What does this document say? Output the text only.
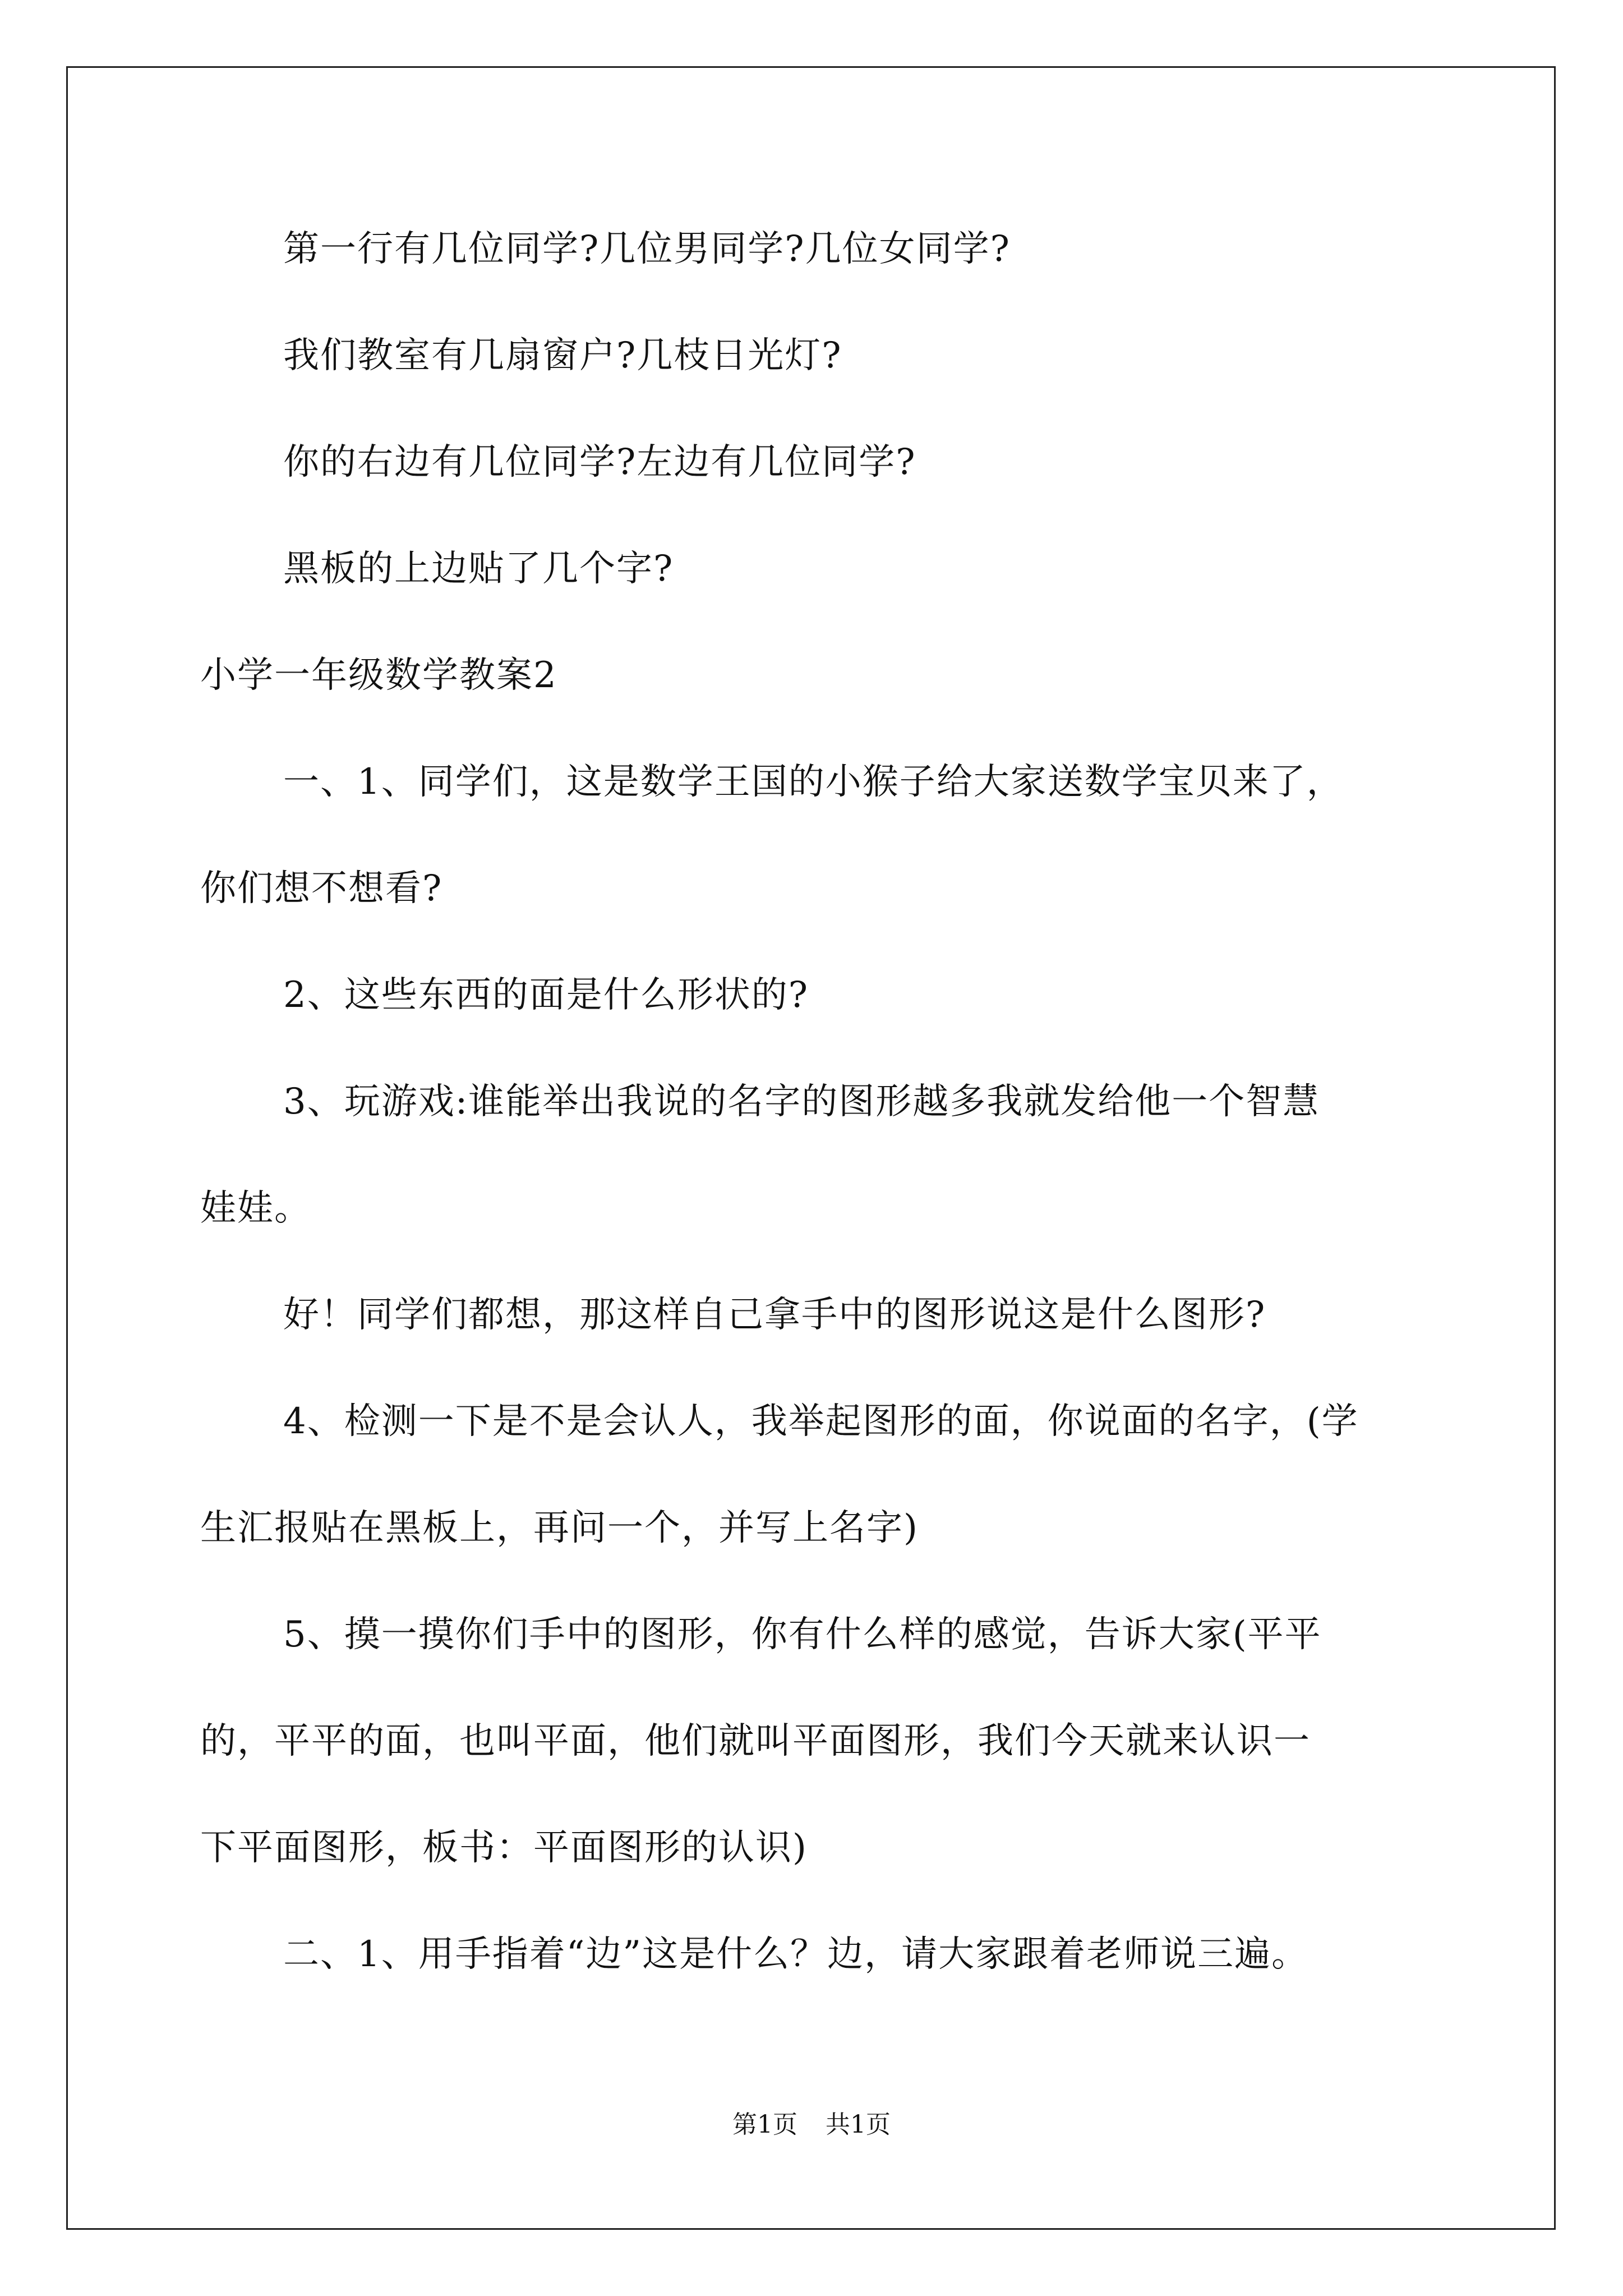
第一行有几位同学?几位男同学?几位女同学?
我们教室有几扇窗户?几枝日光灯?
你的右边有几位同学?左边有几位同学?
黑板的上边贴了几个字?
小学一年级数学教案2
一、1、同学们，这是数学王国的小猴子给大家送数学宝贝来了，
你们想不想看?
2、这些东西的面是什么形状的?
3、玩游戏:谁能举出我说的名字的图形越多我就发给他一个智慧
娃娃。
好！同学们都想，那这样自己拿手中的图形说这是什么图形?
4、检测一下是不是会认人，我举起图形的面，你说面的名字，(学
生汇报贴在黑板上，再问一个，并写上名字)
5、摸一摸你们手中的图形，你有什么样的感觉，告诉大家(平平
的，平平的面，也叫平面，他们就叫平面图形，我们今天就来认识一
下平面图形，板书：平面图形的认识)
二、1、用手指着“边”这是什么？边，请大家跟着老师说三遍。
第1页 共1页
